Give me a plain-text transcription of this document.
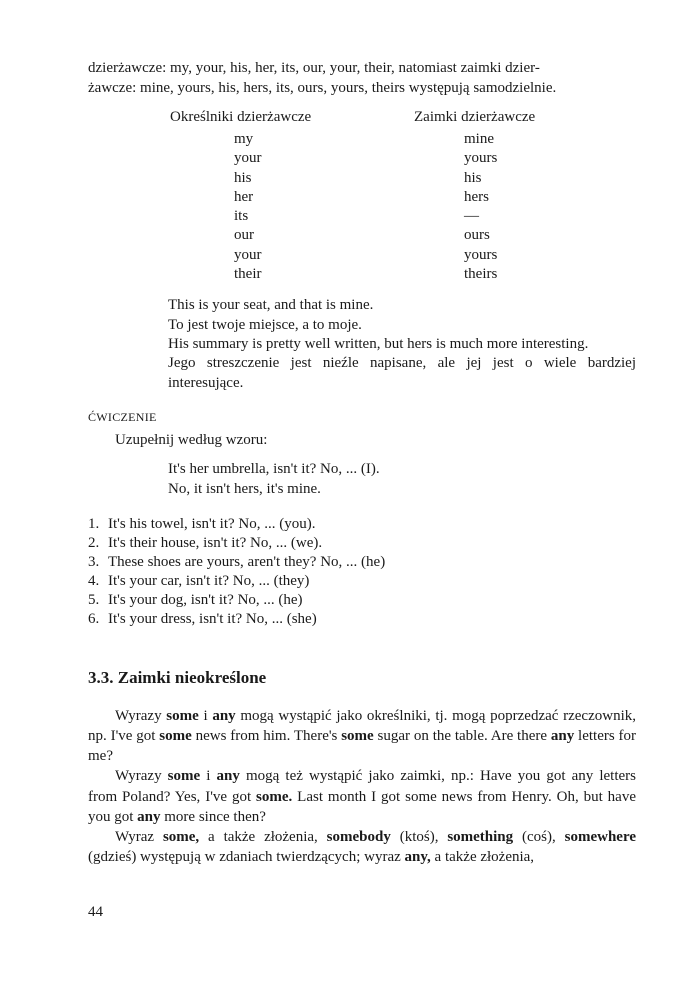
dzierżawcze: my, your, his, her, its, our, your, their, natomiast zaimki dzier-

żawcze: mine, yours, his, hers, its, ours, yours, theirs występują samodzielnie.

Określniki dzierżawcze	Zaimki dzierżawcze
my	mine
your	yours
his	his
her	hers
its	—
our	ours
your	yours
their	theirs

This is your seat, and that is mine.

To jest twoje miejsce, a to moje.

His summary is pretty well written, but hers is much more interesting.

Jego streszczenie jest nieźle napisane, ale jej jest o wiele bardziej interesujące.

ĆWICZENIE
Uzupełnij według wzoru:

It's her umbrella, isn't it? No, ... (I).

No, it isn't hers, it's mine.

1. It's his towel, isn't it? No, ... (you).
2. It's their house, isn't it? No, ... (we).
3. These shoes are yours, aren't they? No, ... (he)
4. It's your car, isn't it? No, ... (they)
5. It's your dog, isn't it? No, ... (he)
6. It's your dress, isn't it? No, ... (she)
3.3. Zaimki nieokreślone

Wyrazy some i any mogą wystąpić jako określniki, tj. mogą poprzedzać rzeczownik, np. I've got some news from him. There's some sugar on the table. Are there any letters for me?

Wyrazy some i any mogą też wystąpić jako zaimki, np.: Have you got any letters from Poland? Yes, I've got some. Last month I got some news from Henry. Oh, but have you got any more since then?

Wyraz some, a także złożenia, somebody (ktoś), something (coś), somewhere (gdzieś) występują w zdaniach twierdzących; wyraz any, a także złożenia,

44
